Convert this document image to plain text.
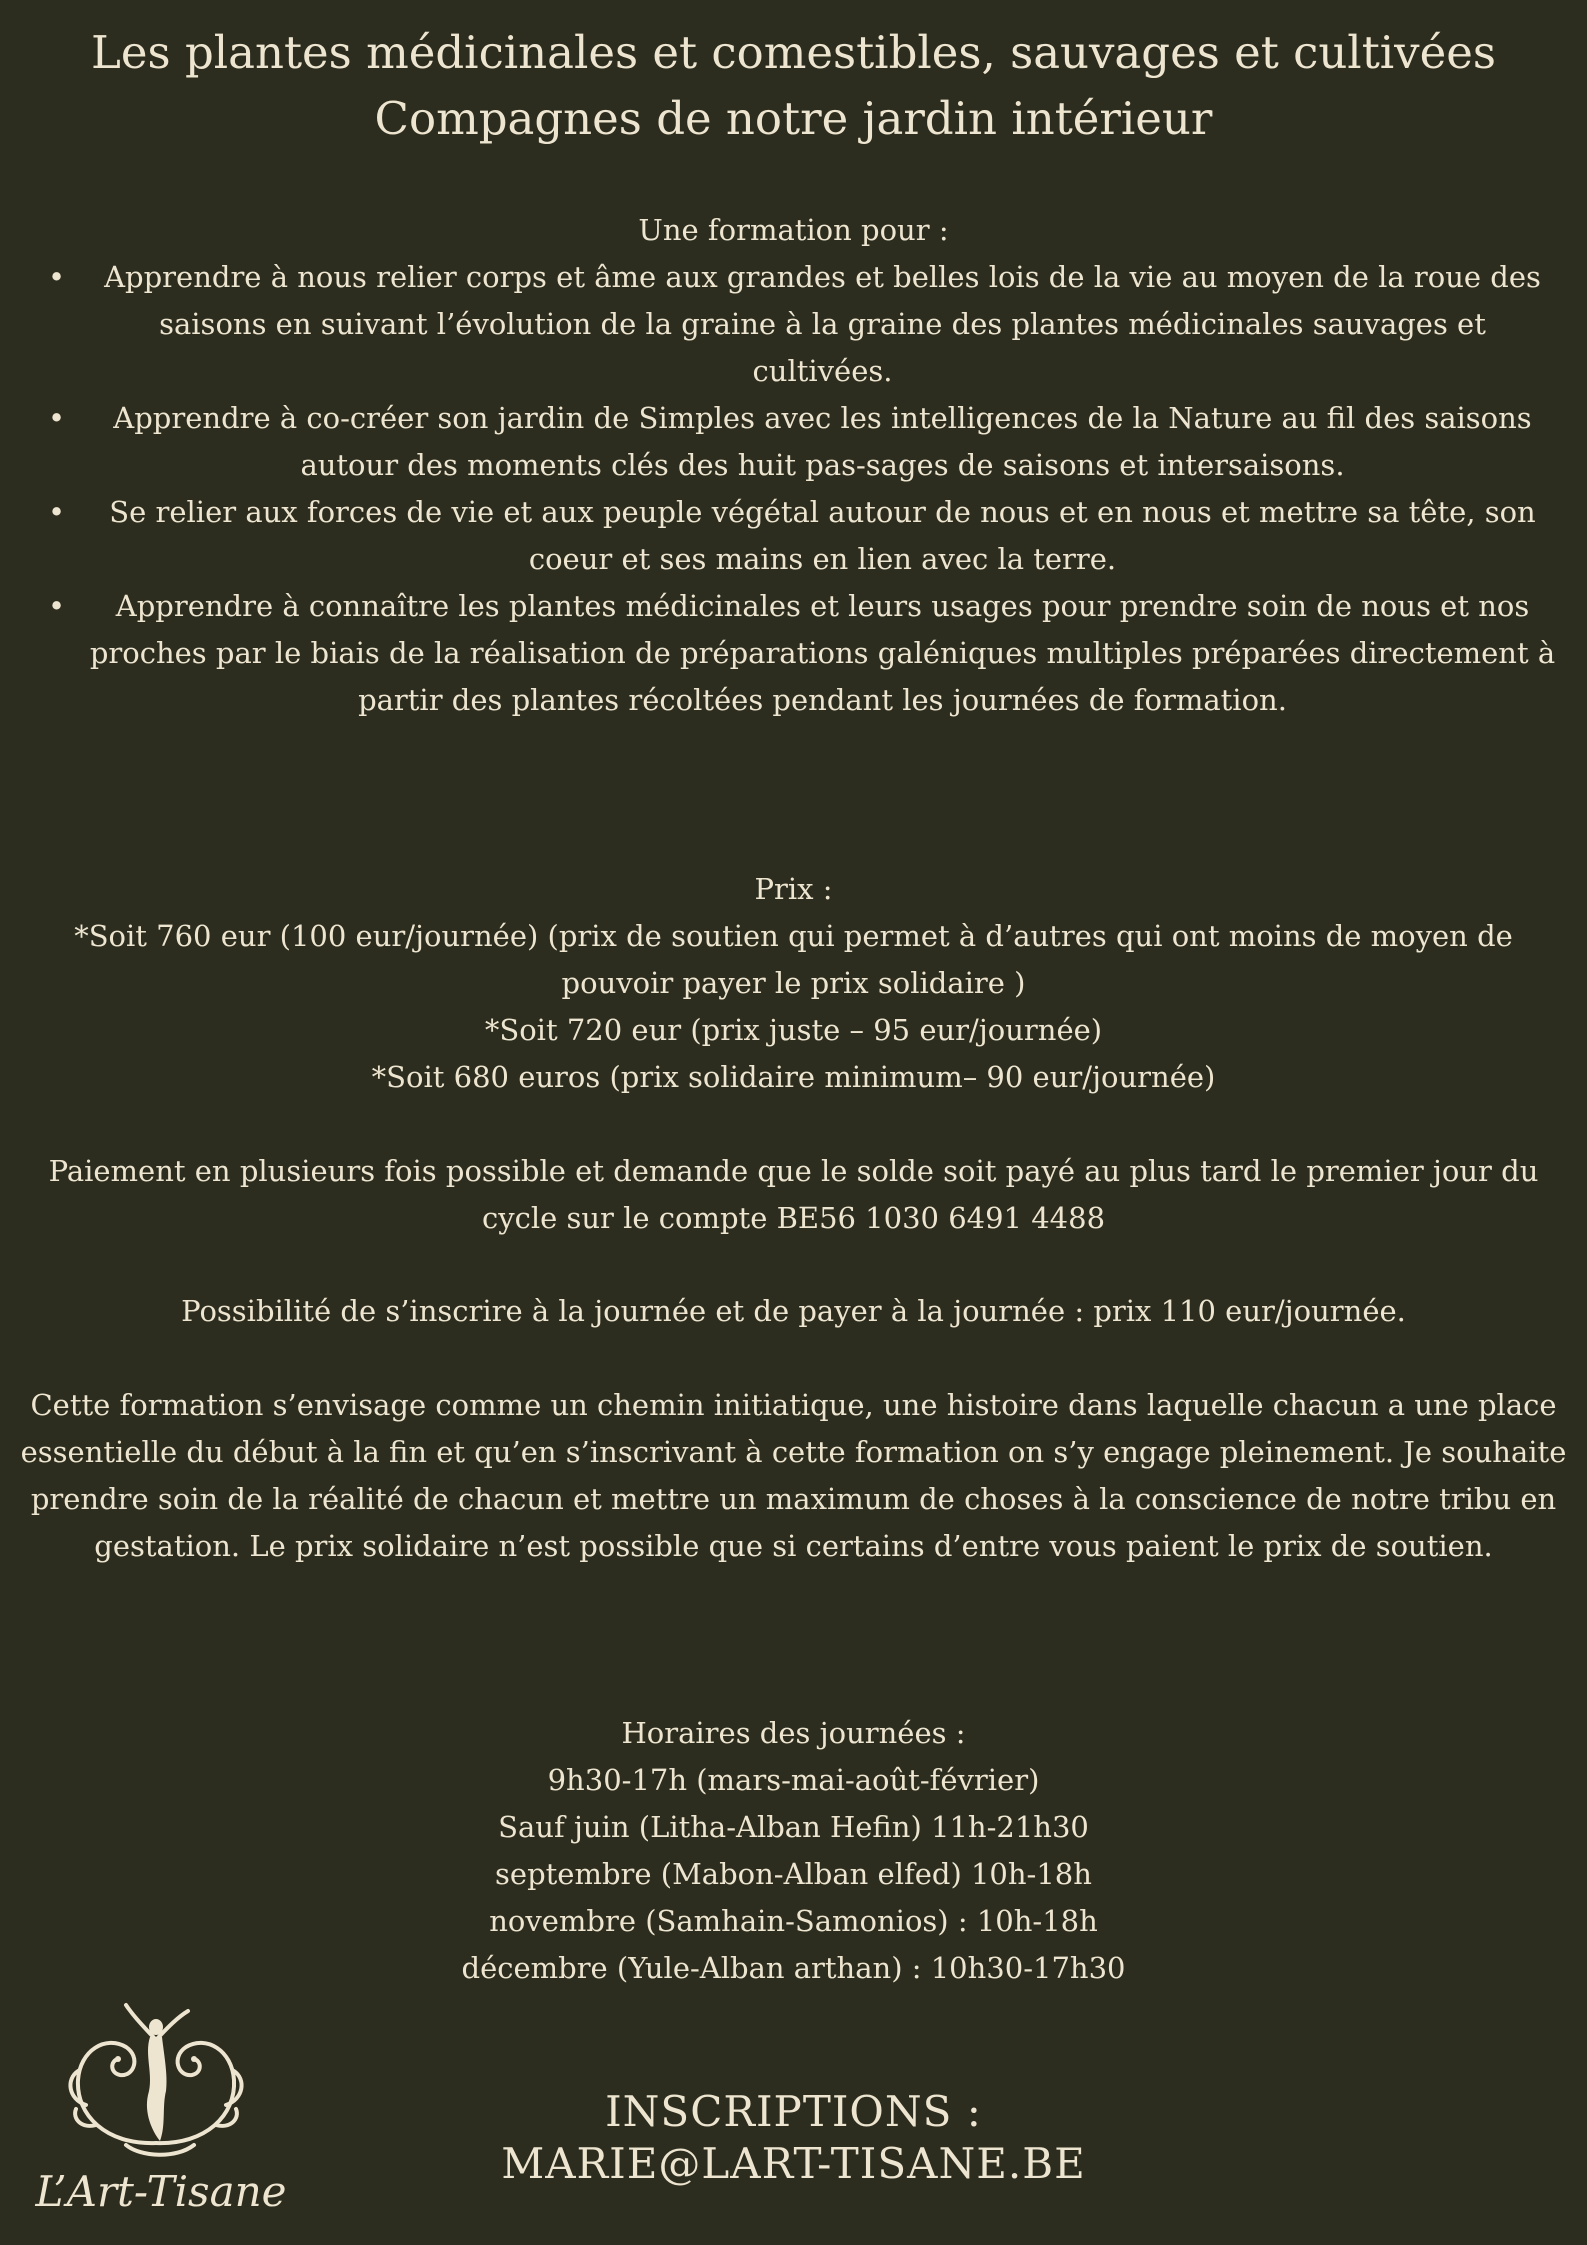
Les plantes médicinales et comestibles, sauvages et cultivées
Compagnes de notre jardin intérieur
Une formation pour :
• Apprendre à nous relier corps et âme aux grandes et belles lois de la vie au moyen de la roue des saisons en suivant l’évolution de la graine à la graine des plantes médicinales sauvages et cultivées.
• Apprendre à co-créer son jardin de Simples avec les intelligences de la Nature au fil des saisons autour des moments clés des huit pas-sages de saisons et intersaisons.
• Se relier aux forces de vie et aux peuple végétal autour de nous et en nous et mettre sa tête, son coeur et ses mains en lien avec la terre.
• Apprendre à connaître les plantes médicinales et leurs usages pour prendre soin de nous et nos proches par le biais de la réalisation de préparations galéniques multiples préparées directement à partir des plantes récoltées pendant les journées de formation.

Prix :

*Soit 760 eur (100 eur/journée) (prix de soutien qui permet à d’autres qui ont moins de moyen de pouvoir payer le prix solidaire )

*Soit 720 eur (prix juste – 95 eur/journée)

*Soit 680 euros (prix solidaire minimum– 90 eur/journée)

Paiement en plusieurs fois possible et demande que le solde soit payé au plus tard le premier jour du cycle sur le compte BE56 1030 6491 4488

Possibilité de s’inscrire à la journée et de payer à la journée : prix 110 eur/journée.

Cette formation s’envisage comme un chemin initiatique, une histoire dans laquelle chacun a une place essentielle du début à la fin et qu’en s’inscrivant à cette formation on s’y engage pleinement. Je souhaite prendre soin de la réalité de chacun et mettre un maximum de choses à la conscience de notre tribu en gestation. Le prix solidaire n’est possible que si certains d’entre vous paient le prix de soutien.

Horaires des journées :

9h30-17h (mars-mai-août-février)

Sauf juin (Litha-Alban Hefin) 11h-21h30

septembre (Mabon-Alban elfed) 10h-18h

novembre (Samhain-Samonios) : 10h-18h

décembre (Yule-Alban arthan) : 10h30-17h30

L’Art-Tisane
INSCRIPTIONS :
MARIE@LART-TISANE.BE
